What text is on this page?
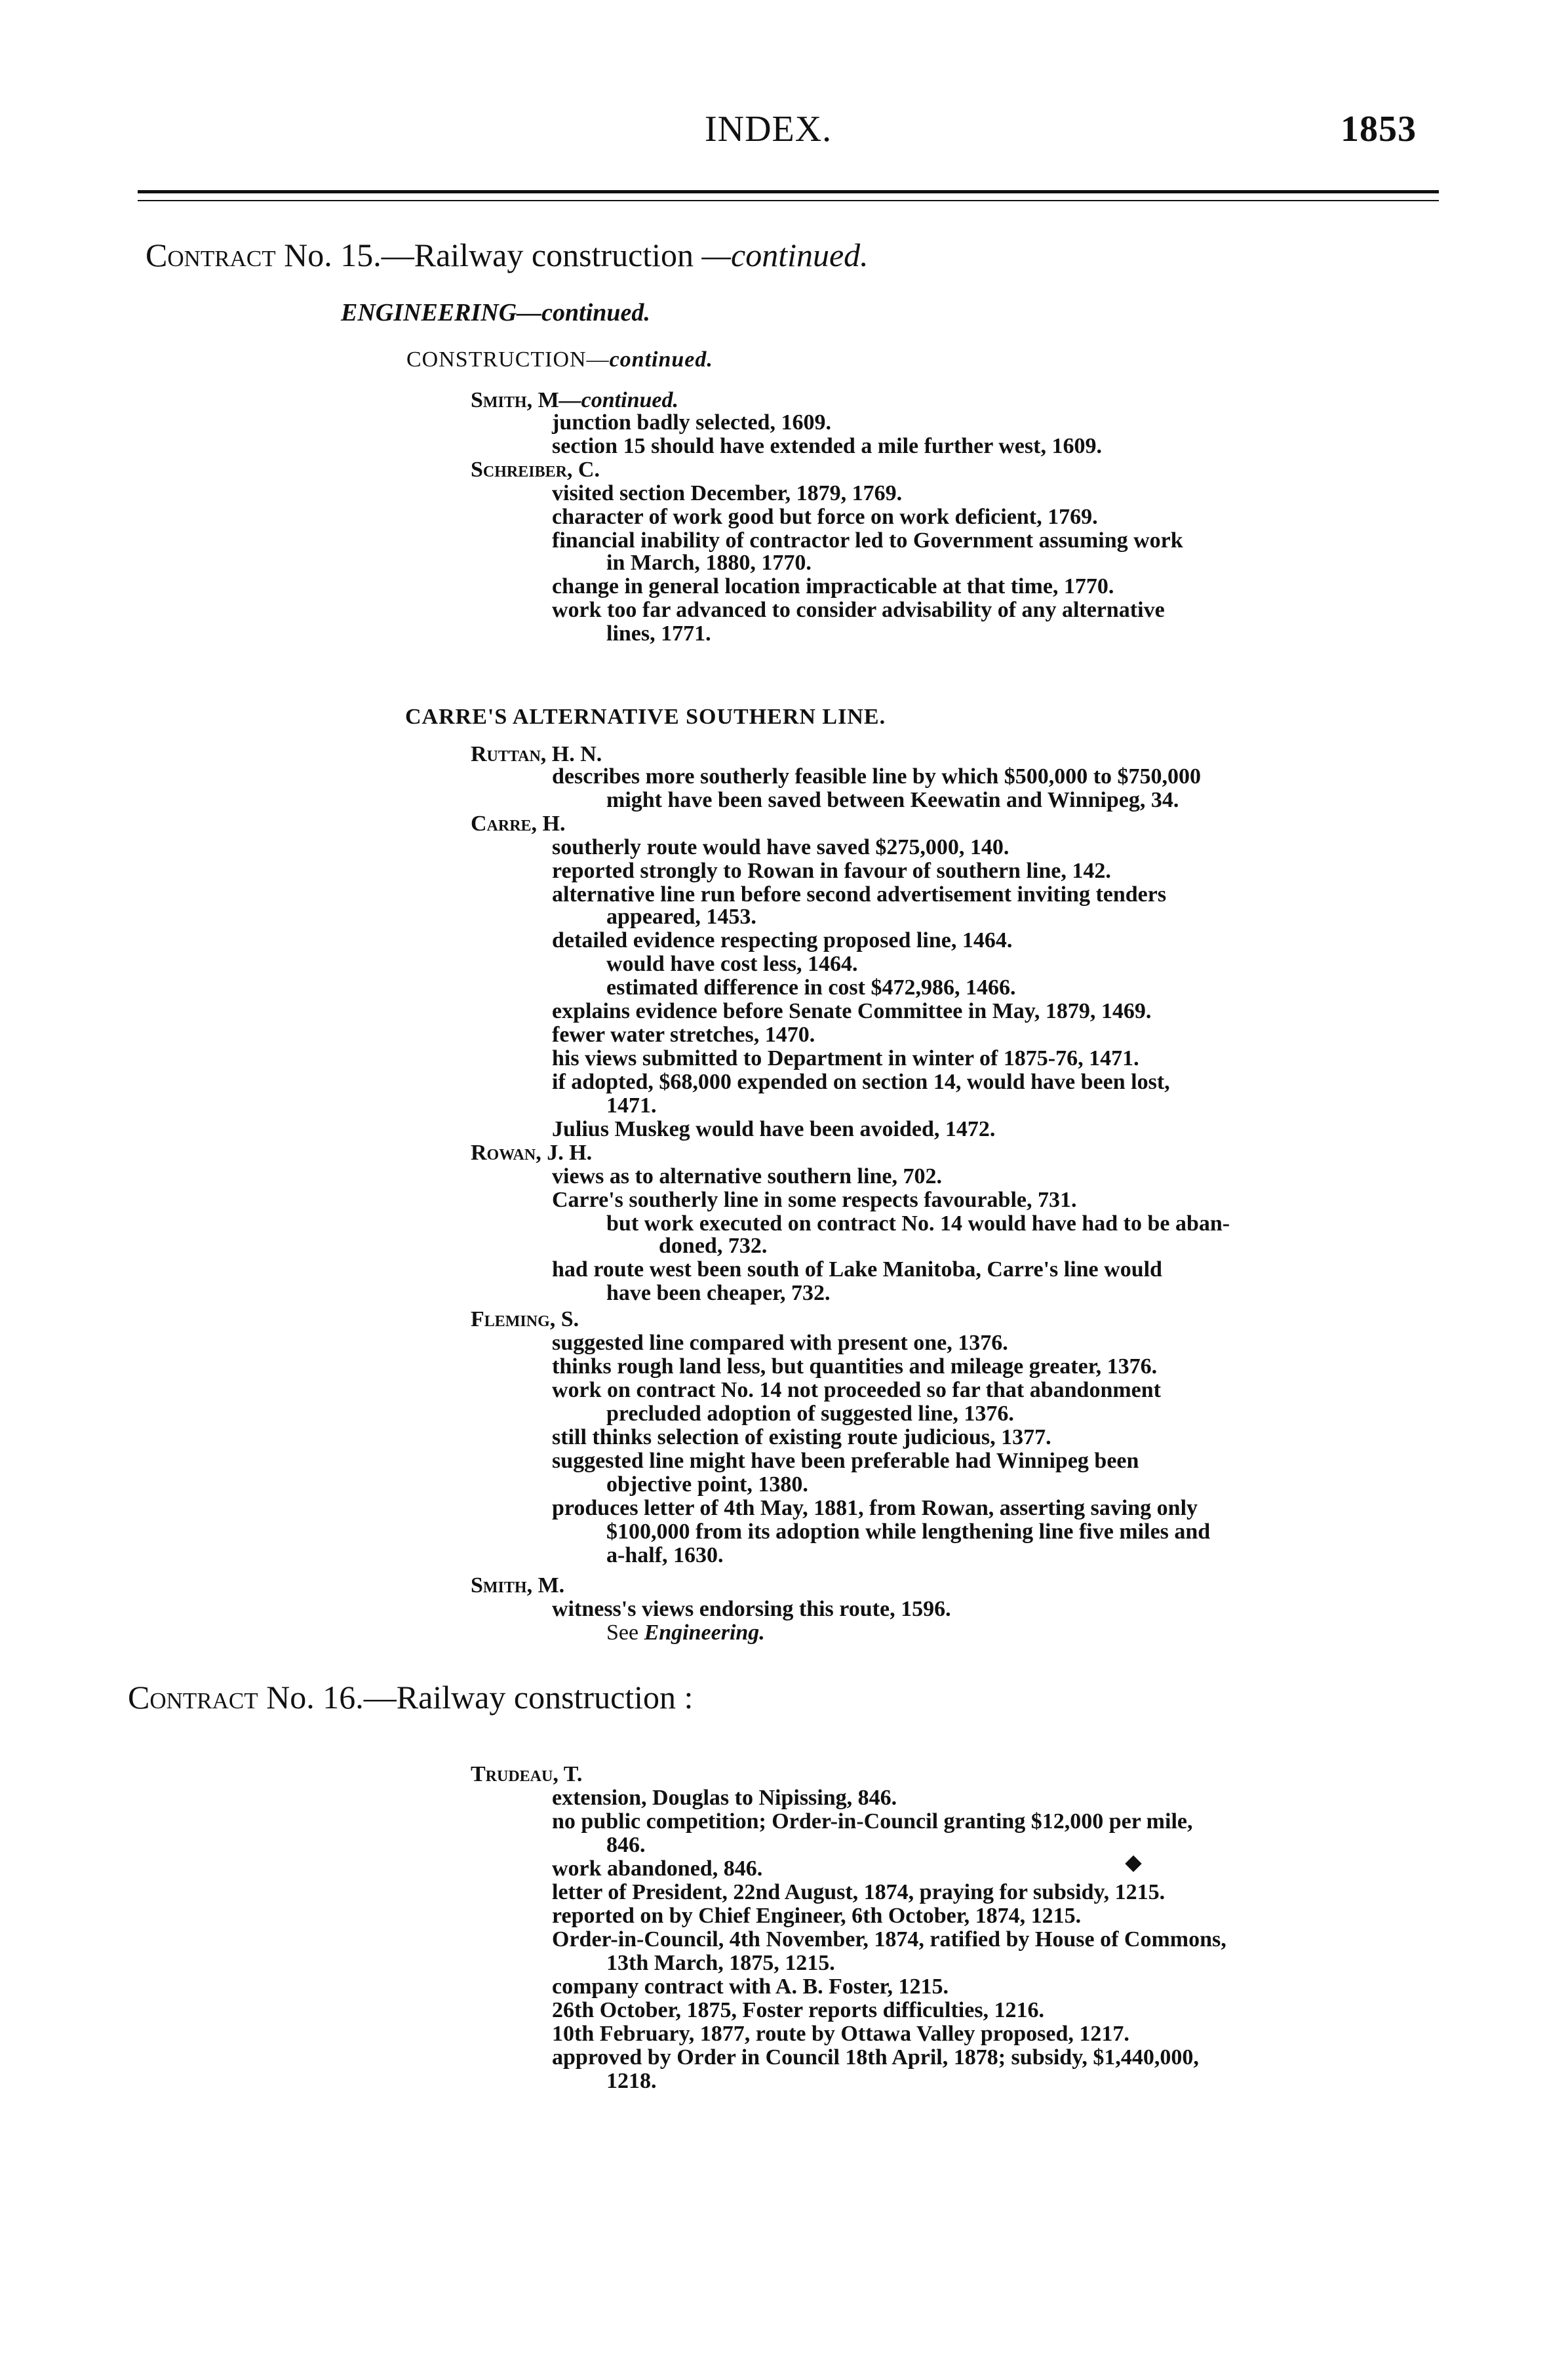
INDEX.	1853
Contract No. 15.—Railway construction —continued.
ENGINEERING—continued.
CONSTRUCTION—continued.
Smith, M—continued.
junction badly selected, 1609.
section 15 should have extended a mile further west, 1609.
Schreiber, C.
visited section December, 1879, 1769.
character of work good but force on work deficient, 1769.
financial inability of contractor led to Government assuming work
in March, 1880, 1770.
change in general location impracticable at that time, 1770.
work too far advanced to consider advisability of any alternative
lines, 1771.
CARRE'S ALTERNATIVE SOUTHERN LINE.
Ruttan, H. N.
describes more southerly feasible line by which $500,000 to $750,000
might have been saved between Keewatin and Winnipeg, 34.
Carre, H.
southerly route would have saved $275,000, 140.
reported strongly to Rowan in favour of southern line, 142.
alternative line run before second advertisement inviting tenders
appeared, 1453.
detailed evidence respecting proposed line, 1464.
would have cost less, 1464.
estimated difference in cost $472,986, 1466.
explains evidence before Senate Committee in May, 1879, 1469.
fewer water stretches, 1470.
his views submitted to Department in winter of 1875-76, 1471.
if adopted, $68,000 expended on section 14, would have been lost,
1471.
Julius Muskeg would have been avoided, 1472.
Rowan, J. H.
views as to alternative southern line, 702.
Carre's southerly line in some respects favourable, 731.
but work executed on contract No. 14 would have had to be aban-
doned, 732.
had route west been south of Lake Manitoba, Carre's line would
have been cheaper, 732.
Fleming, S.
suggested line compared with present one, 1376.
thinks rough land less, but quantities and mileage greater, 1376.
work on contract No. 14 not proceeded so far that abandonment
precluded adoption of suggested line, 1376.
still thinks selection of existing route judicious, 1377.
suggested line might have been preferable had Winnipeg been
objective point, 1380.
produces letter of 4th May, 1881, from Rowan, asserting saving only
$100,000 from its adoption while lengthening line five miles and
a-half, 1630.
Smith, M.
witness's views endorsing this route, 1596.
See Engineering.
Contract No. 16.—Railway construction :
Trudeau, T.
extension, Douglas to Nipissing, 846.
no public competition; Order-in-Council granting $12,000 per mile,
846.
work abandoned, 846.
letter of President, 22nd August, 1874, praying for subsidy, 1215.
reported on by Chief Engineer, 6th October, 1874, 1215.
Order-in-Council, 4th November, 1874, ratified by House of Commons,
13th March, 1875, 1215.
company contract with A. B. Foster, 1215.
26th October, 1875, Foster reports difficulties, 1216.
10th February, 1877, route by Ottawa Valley proposed, 1217.
approved by Order in Council 18th April, 1878; subsidy, $1,440,000,
1218.
